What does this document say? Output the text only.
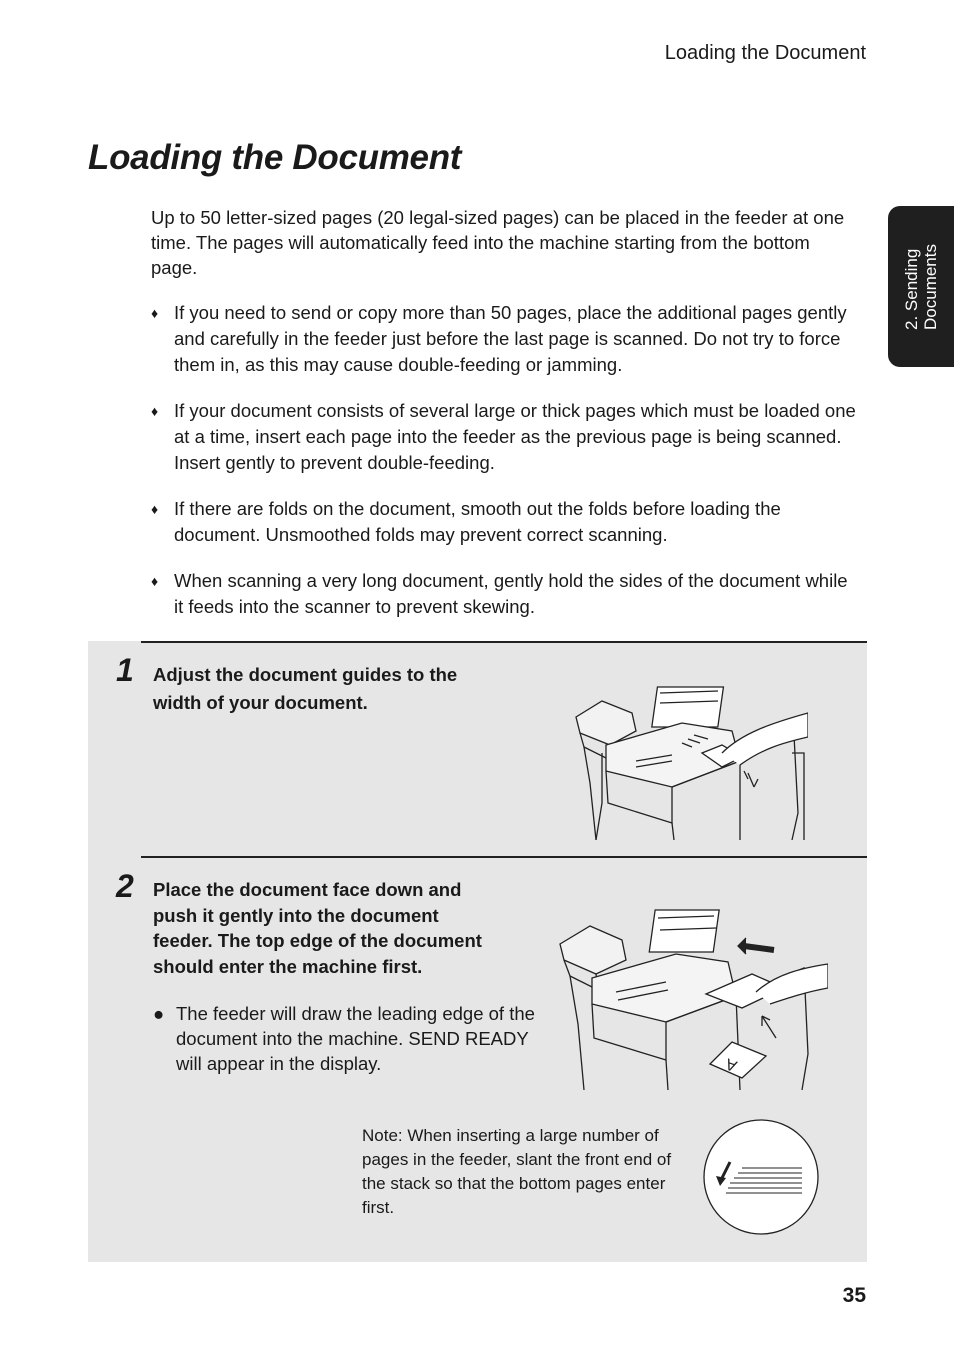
Loading the Document
2. Sending Documents
Loading the Document

Up to 50 letter-sized pages (20 legal-sized pages) can be placed in the feeder at one time. The pages will automatically feed into the machine starting from the bottom page.

♦ If you need to send or copy more than 50 pages, place the additional pages gently and carefully in the feeder just before the last page is scanned. Do not try to force them in, as this may cause double-feeding or jamming.
♦ If your document consists of several large or thick pages which must be loaded one at a time, insert each page into the feeder as the previous page is being scanned. Insert gently to prevent double-feeding.
♦ If there are folds on the document, smooth out the folds before loading the document. Unsmoothed folds may prevent correct scanning.
♦ When scanning a very long document, gently hold the sides of the document while it feeds into the scanner to prevent skewing.
1 Adjust the document guides to the
width of your document.
2 Place the document face down and
push it gently into the document
feeder. The top edge of the document
should enter the machine first.
● The feeder will draw the leading edge of the document into the machine. SEND READY will appear in the display.	A

Note: When inserting a large number of pages in the feeder, slant the front end of the stack so that the bottom pages enter first.

35
